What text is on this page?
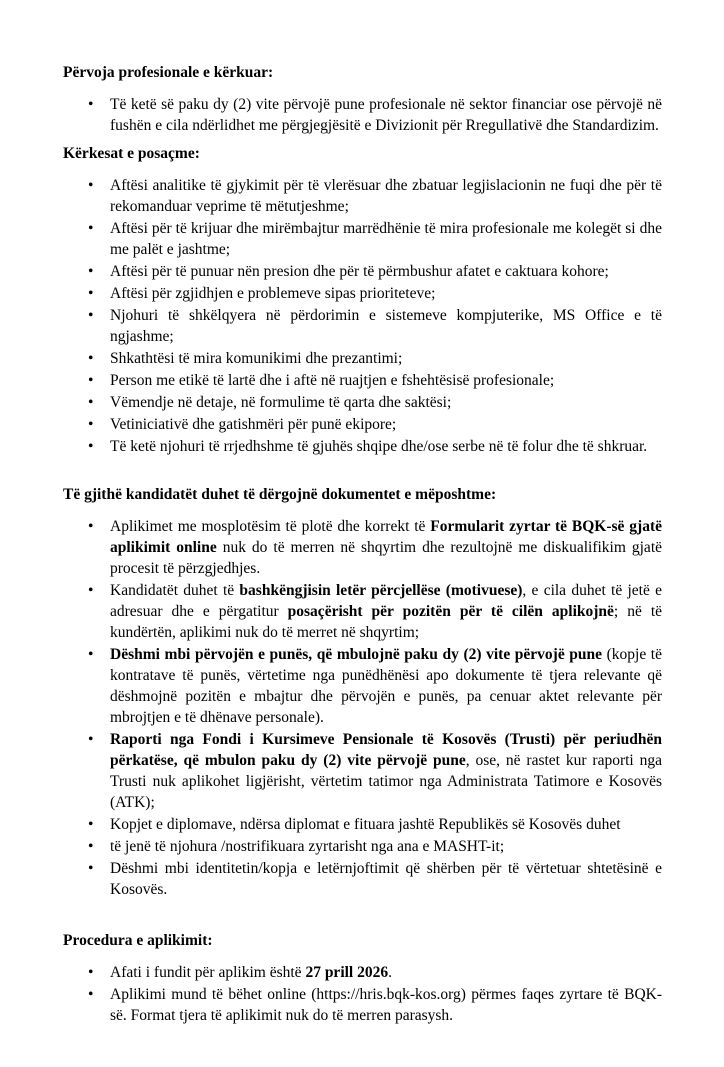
Përvoja profesionale e kërkuar:
• Të ketë së paku dy (2) vite përvojë pune profesionale në sektor financiar ose përvojë në fushën e cila ndërlidhet me përgjegjësitë e Divizionit për Rregullativë dhe Standardizim.
Kërkesat e posaçme:
• Aftësi analitike të gjykimit për të vlerësuar dhe zbatuar legjislacionin ne fuqi dhe për të rekomanduar veprime të mëtutjeshme;
• Aftësi për të krijuar dhe mirëmbajtur marrëdhënie të mira profesionale me kolegët si dhe me palët e jashtme;
• Aftësi për të punuar nën presion dhe për të përmbushur afatet e caktuara kohore;
• Aftësi për zgjidhjen e problemeve sipas prioriteteve;
• Njohuri të shkëlqyera në përdorimin e sistemeve kompjuterike, MS Office e të ngjashme;
• Shkathtësi të mira komunikimi dhe prezantimi;
• Person me etikë të lartë dhe i aftë në ruajtjen e fshehtësisë profesionale;
• Vëmendje në detaje, në formulime të qarta dhe saktësi;
• Vetiniciativë dhe gatishmëri për punë ekipore;
• Të ketë njohuri të rrjedhshme të gjuhës shqipe dhe/ose serbe në të folur dhe të shkruar.
Të gjithë kandidatët duhet të dërgojnë dokumentet e mëposhtme:
• Aplikimet me mosplotësim të plotë dhe korrekt të Formularit zyrtar të BQK-së gjatë aplikimit online nuk do të merren në shqyrtim dhe rezultojnë me diskualifikim gjatë procesit të përzgjedhjes.
• Kandidatët duhet të bashkëngjisin letër përcjellëse (motivuese), e cila duhet të jetë e adresuar dhe e përgatitur posaçërisht për pozitën për të cilën aplikojnë; në të kundërtën, aplikimi nuk do të merret në shqyrtim;
• Dëshmi mbi përvojën e punës, që mbulojnë paku dy (2) vite përvojë pune (kopje të kontratave të punës, vërtetime nga punëdhënësi apo dokumente të tjera relevante që dëshmojnë pozitën e mbajtur dhe përvojën e punës, pa cenuar aktet relevante për mbrojtjen e të dhënave personale).
• Raporti nga Fondi i Kursimeve Pensionale të Kosovës (Trusti) për periudhën përkatëse, që mbulon paku dy (2) vite përvojë pune, ose, në rastet kur raporti nga Trusti nuk aplikohet ligjërisht, vërtetim tatimor nga Administrata Tatimore e Kosovës (ATK);
• Kopjet e diplomave, ndërsa diplomat e fituara jashtë Republikës së Kosovës duhet
• të jenë të njohura /nostrifikuara zyrtarisht nga ana e MASHT-it;
• Dëshmi mbi identitetin/kopja e letërnjoftimit që shërben për të vërtetuar shtetësinë e Kosovës.
Procedura e aplikimit:
• Afati i fundit për aplikim është 27 prill 2026.
• Aplikimi mund të bëhet online (https://hris.bqk-kos.org) përmes faqes zyrtare të BQK-së. Format tjera të aplikimit nuk do të merren parasysh.
